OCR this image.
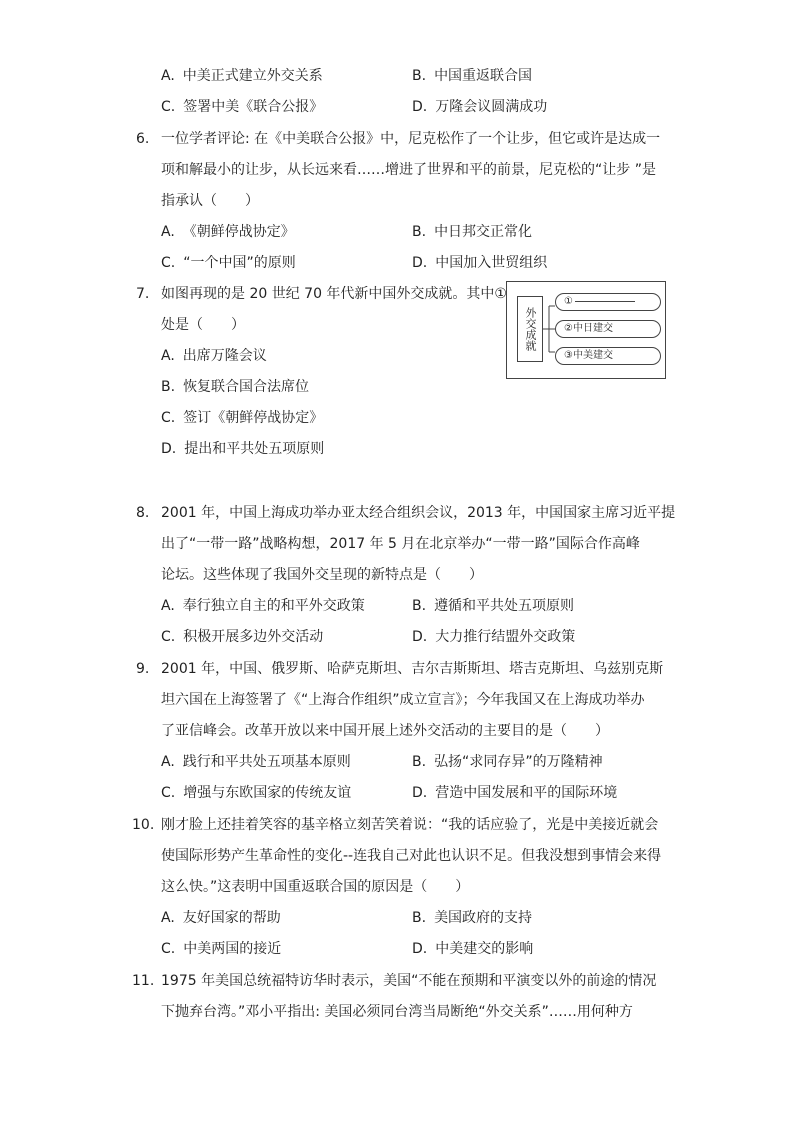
A. 中美正式建立外交关系	B. 中国重返联合国
C. 签署中美《联合公报》	D. 万隆会议圆满成功
6. 一位学者评论: 在《中美联合公报》中，尼克松作了一个让步，但它或许是达成一
项和解最小的让步，从长远来看……增进了世界和平的前景，尼克松的“让步 ”是
指承认（　　）
A. 《朝鲜停战协定》	B. 中日邦交正常化
C. “一个中国”的原则	D. 中国加入世贸组织
7. 如图再现的是 20 世纪 70 年代新中国外交成就。其中①
处是（　　）
A. 出席万隆会议
B. 恢复联合国合法席位
C. 签订《朝鲜停战协定》
D. 提出和平共处五项原则
外交成就
①
②中日建交
③中美建交
8. 2001 年，中国上海成功举办亚太经合组织会议，2013 年，中国国家主席习近平提
出了“一带一路”战略构想，2017 年 5 月在北京举办“一带一路”国际合作高峰
论坛。这些体现了我国外交呈现的新特点是（　　）
A. 奉行独立自主的和平外交政策	B. 遵循和平共处五项原则
C. 积极开展多边外交活动	D. 大力推行结盟外交政策
9. 2001 年，中国、俄罗斯、哈萨克斯坦、吉尔吉斯斯坦、塔吉克斯坦、乌兹别克斯
坦六国在上海签署了《“上海合作组织”成立宣言》；今年我国又在上海成功举办
了亚信峰会。改革开放以来中国开展上述外交活动的主要目的是（　　）
A. 践行和平共处五项基本原则	B. 弘扬“求同存异”的万隆精神
C. 增强与东欧国家的传统友谊	D. 营造中国发展和平的国际环境
10. 刚才脸上还挂着笑容的基辛格立刻苦笑着说：“我的话应验了，光是中美接近就会
使国际形势产生革命性的变化--连我自己对此也认识不足。但我没想到事情会来得
这么快。”这表明中国重返联合国的原因是（　　）
A. 友好国家的帮助	B. 美国政府的支持
C. 中美两国的接近	D. 中美建交的影响
11. 1975 年美国总统福特访华时表示，美国“不能在预期和平演变以外的前途的情况
下抛弃台湾。”邓小平指出: 美国必须同台湾当局断绝“外交关系”……用何种方
